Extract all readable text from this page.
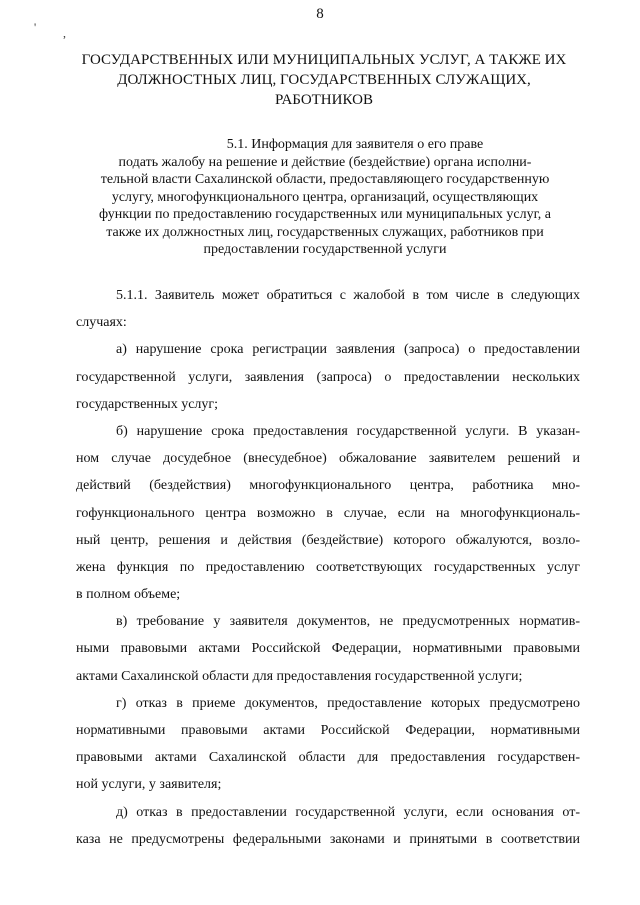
' ,
8
ГОСУДАРСТВЕННЫХ ИЛИ МУНИЦИПАЛЬНЫХ УСЛУГ, А ТАКЖЕ ИХ
ДОЛЖНОСТНЫХ ЛИЦ, ГОСУДАРСТВЕННЫХ СЛУЖАЩИХ,
РАБОТНИКОВ
5.1. Информация для заявителя о его праве
подать жалобу на решение и действие (бездействие) органа исполни-
тельной власти Сахалинской области, предоставляющего государственную
услугу, многофункционального центра, организаций, осуществляющих
функции по предоставлению государственных или муниципальных услуг, а
также их должностных лиц, государственных служащих, работников при
предоставлении государственной услуги
5.1.1. Заявитель может обратиться с жалобой в том числе в следующих
случаях:
а) нарушение срока регистрации заявления (запроса) о предоставлении
государственной услуги, заявления (запроса) о предоставлении нескольких
государственных услуг;
б) нарушение срока предоставления государственной услуги. В указан-
ном случае досудебное (внесудебное) обжалование заявителем решений и
действий (бездействия) многофункционального центра, работника мно-
гофункционального центра возможно в случае, если на многофункциональ-
ный центр, решения и действия (бездействие) которого обжалуются, возло-
жена функция по предоставлению соответствующих государственных услуг
в полном объеме;
в) требование у заявителя документов, не предусмотренных норматив-
ными правовыми актами Российской Федерации, нормативными правовыми
актами Сахалинской области для предоставления государственной услуги;
г) отказ в приеме документов, предоставление которых предусмотрено
нормативными правовыми актами Российской Федерации, нормативными
правовыми актами Сахалинской области для предоставления государствен-
ной услуги, у заявителя;
д) отказ в предоставлении государственной услуги, если основания от-
каза не предусмотрены федеральными законами и принятыми в соответствии
